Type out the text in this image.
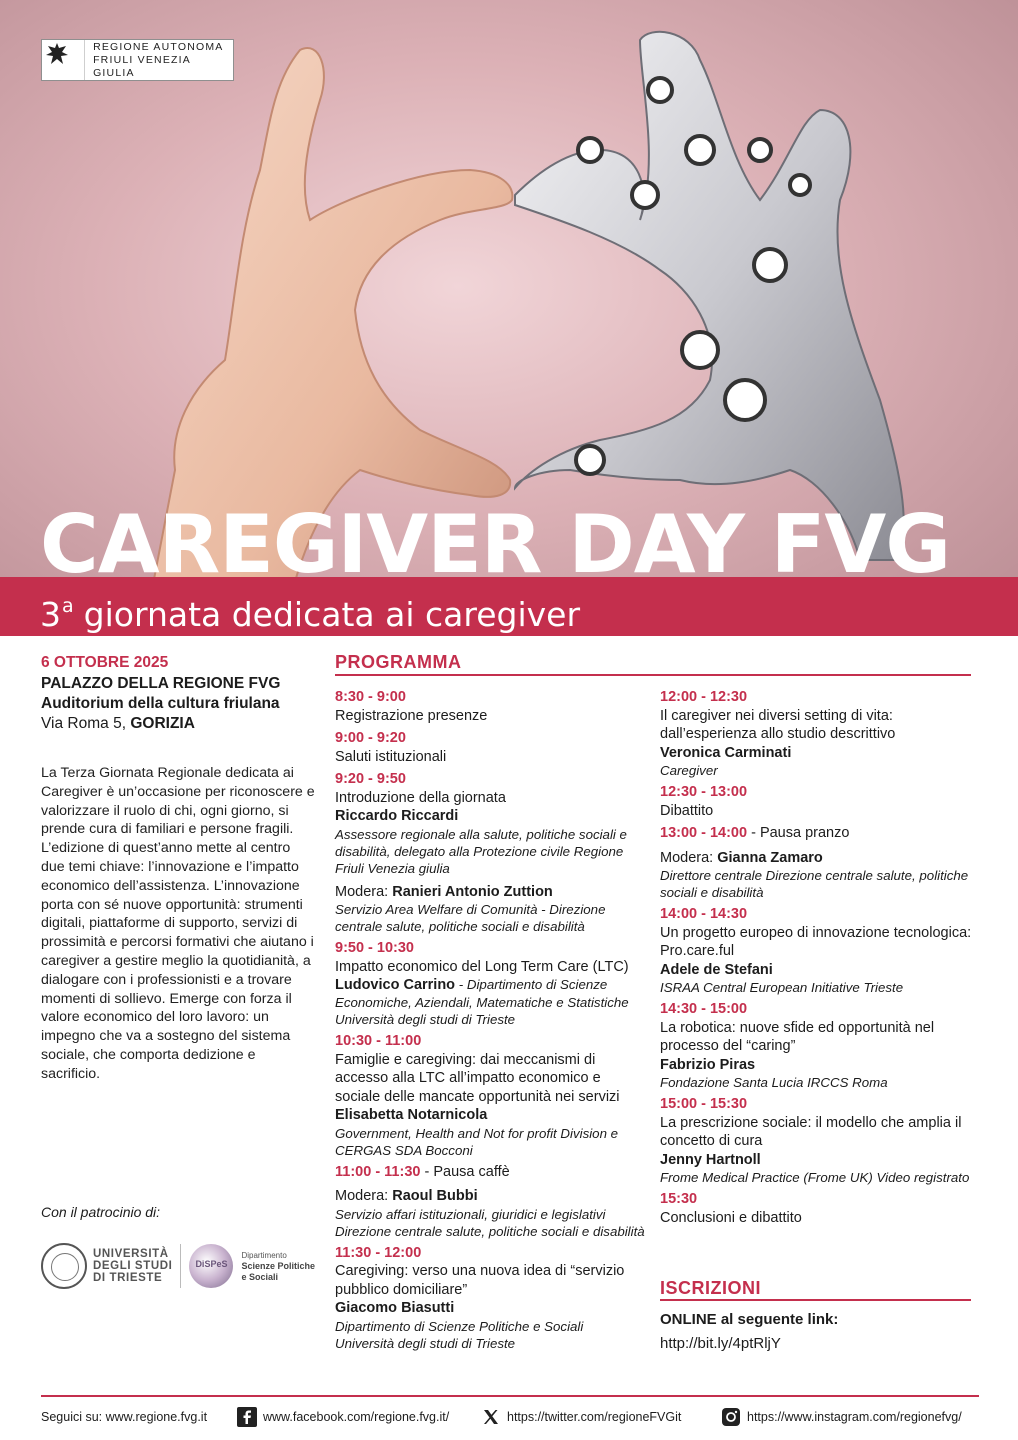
REGIONE AUTONOMA
FRIULI VENEZIA GIULIA
CAREGIVER DAY FVG
3$^a$ giornata dedicata ai caregiver
6 OTTOBRE 2025
PALAZZO DELLA REGIONE FVG
Auditorium della cultura friulana
Via Roma 5, GORIZIA

La Terza Giornata Regionale dedicata ai Caregiver è un’occasione per riconoscere e valorizzare il ruolo di chi, ogni giorno, si prende cura di familiari e persone fragili. L’edizione di quest’anno mette al centro due temi chiave: l’innovazione e l’impatto economico dell’assistenza. L’innovazione porta con sé nuove opportunità: strumenti digitali, piattaforme di supporto, servizi di prossimità e percorsi formativi che aiutano i caregiver a gestire meglio la quotidianità, a dialogare con i professionisti e a trovare momenti di sollievo. Emerge con forza il valore economico del loro lavoro: un impegno che va a sostegno del sistema sociale, che comporta dedizione e sacrificio.

Con il patrocinio di:
UNIVERSITÀ
DEGLI STUDI
DI TRIESTE
DiSPeS
Dipartimento
Scienze Politiche
e Sociali
PROGRAMMA
8:30 - 9:00
Registrazione presenze
9:00 - 9:20
Saluti istituzionali
9:20 - 9:50
Introduzione della giornata
Riccardo Riccardi
Assessore regionale alla salute, politiche sociali e disabilità, delegato alla Protezione civile Regione Friuli Venezia giulia
Modera: Ranieri Antonio Zuttion
Servizio Area Welfare di Comunità - Direzione centrale salute, politiche sociali e disabilità
9:50 - 10:30
Impatto economico del Long Term Care (LTC)
Ludovico Carrino - Dipartimento di Scienze Economiche, Aziendali, Matematiche e Statistiche Università degli studi di Trieste
10:30 - 11:00
Famiglie e caregiving: dai meccanismi di accesso alla LTC all’impatto economico e sociale delle mancate opportunità nei servizi
Elisabetta Notarnicola
Government, Health and Not for profit Division e CERGAS SDA Bocconi
11:00 - 11:30 - Pausa caffè
Modera: Raoul Bubbi
Servizio affari istituzionali, giuridici e legislativi Direzione centrale salute, politiche sociali e disabilità
11:30 - 12:00
Caregiving: verso una nuova idea di “servizio pubblico domiciliare”
Giacomo Biasutti
Dipartimento di Scienze Politiche e Sociali Università degli studi di Trieste
12:00 - 12:30
Il caregiver nei diversi setting di vita: dall’esperienza allo studio descrittivo
Veronica Carminati
Caregiver
12:30 - 13:00
Dibattito
13:00 - 14:00 - Pausa pranzo
Modera: Gianna Zamaro
Direttore centrale Direzione centrale salute, politiche sociali e disabilità
14:00 - 14:30
Un progetto europeo di innovazione tecnologica: Pro.care.ful
Adele de Stefani
ISRAA Central European Initiative Trieste
14:30 - 15:00
La robotica: nuove sfide ed opportunità nel processo del “caring”
Fabrizio Piras
Fondazione Santa Lucia IRCCS Roma
15:00 - 15:30
La prescrizione sociale: il modello che amplia il concetto di cura
Jenny Hartnoll
Frome Medical Practice (Frome UK) Video registrato
15:30
Conclusioni e dibattito
ISCRIZIONI
ONLINE al seguente link:
http://bit.ly/4ptRljY
Seguici su: www.regione.fvg.it	www.facebook.com/regione.fvg.it/	https://twitter.com/regioneFVGit	https://www.instagram.com/regionefvg/
